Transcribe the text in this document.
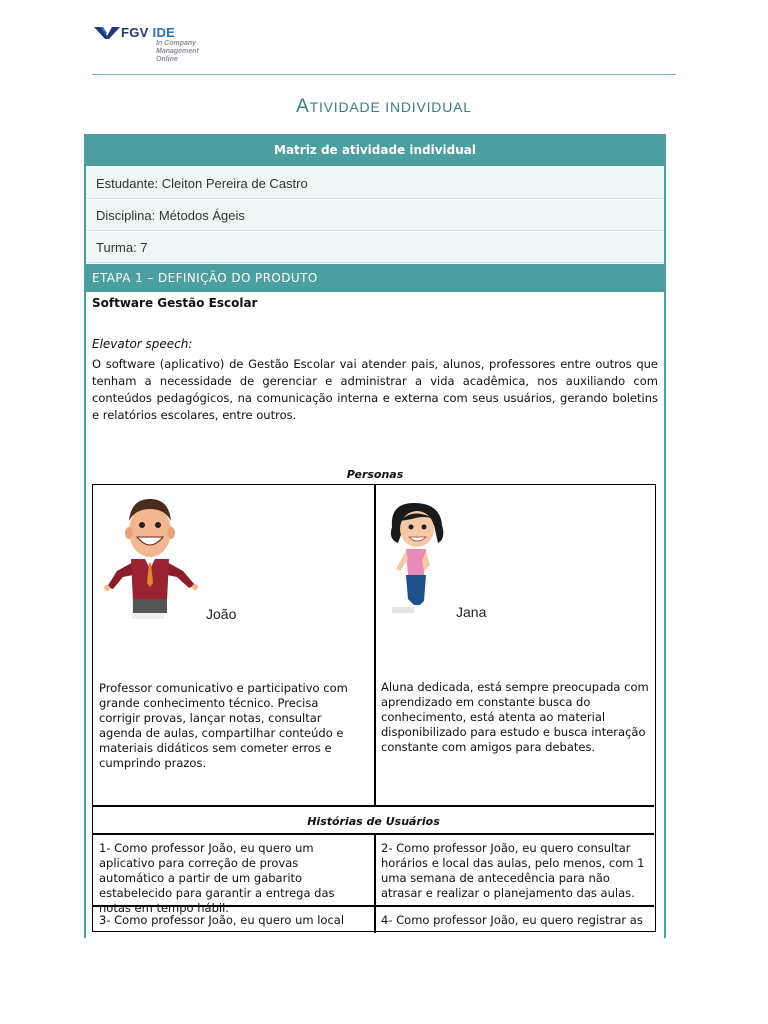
FGV IDE
In Company
Management
Online
ATIVIDADE INDIVIDUAL
Matriz de atividade individual
Estudante: Cleiton Pereira de Castro
Disciplina: Métodos Ágeis
Turma: 7
ETAPA 1 – DEFINIÇÃO DO PRODUTO
Software Gestão Escolar
Elevator speech:
O software (aplicativo) de Gestão Escolar vai atender pais, alunos, professores entre outros que tenham a necessidade de gerenciar e administrar a vida acadêmica, nos auxiliando com conteúdos pedagógicos, na comunicação interna e externa com seus usuários, gerando boletins e relatórios escolares, entre outros.
Personas
João
Professor comunicativo e participativo com grande conhecimento técnico. Precisa corrigir provas, lançar notas, consultar agenda de aulas, compartilhar conteúdo e materiais didáticos sem cometer erros e cumprindo prazos.
Jana
Aluna dedicada, está sempre preocupada com aprendizado em constante busca do conhecimento, está atenta ao material disponibilizado para estudo e busca interação constante com amigos para debates.
Histórias de Usuários
1- Como professor João, eu quero um aplicativo para correção de provas automático a partir de um gabarito estabelecido para garantir a entrega das notas em tempo hábil.
2- Como professor João, eu quero consultar horários e local das aulas, pelo menos, com 1 uma semana de antecedência para não atrasar e realizar o planejamento das aulas.
3- Como professor João, eu quero um local	4- Como professor João, eu quero registrar as
